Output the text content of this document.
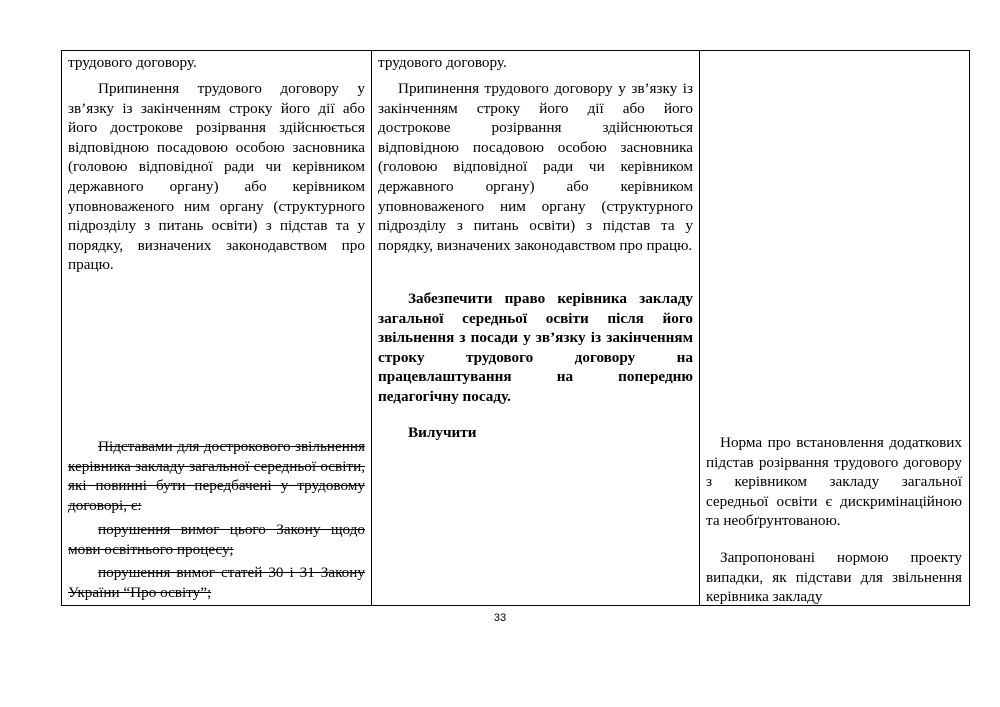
трудового договору.
Припинення трудового договору у зв’язку із закінченням строку його дії або його дострокове розірвання здійснюється відповідною посадовою особою засновника (головою відповідної ради чи керівником державного органу) або керівником уповноваженого ним органу (структурного підрозділу з питань освіти) з підстав та у порядку, визначених законодавством про працю.
Підставами для дострокового звільнення керівника закладу загальної середньої освіти, які повинні бути передбачені у трудовому договорі, є:
порушення вимог цього Закону щодо мови освітнього процесу;
порушення вимог статей 30 і 31 Закону України “Про освіту”;
трудового договору.
Припинення трудового договору у зв’язку із закінченням строку його дії або його дострокове розірвання здійснюються відповідною посадовою особою засновника (головою відповідної ради чи керівником державного органу) або керівником уповноваженого ним органу (структурного підрозділу з питань освіти) з підстав та у порядку, визначених законодавством про працю.
Забезпечити право керівника закладу загальної середньої освіти після його звільнення з посади у зв’язку із закінченням строку трудового договору на працевлаштування на попередню педагогічну посаду.
Вилучити
Норма про встановлення додаткових підстав розірвання трудового договору з керівником закладу загальної середньої освіти є дискримінаційною та необґрунтованою.
Запропоновані нормою проекту випадки, як підстави для звільнення керівника закладу
33
